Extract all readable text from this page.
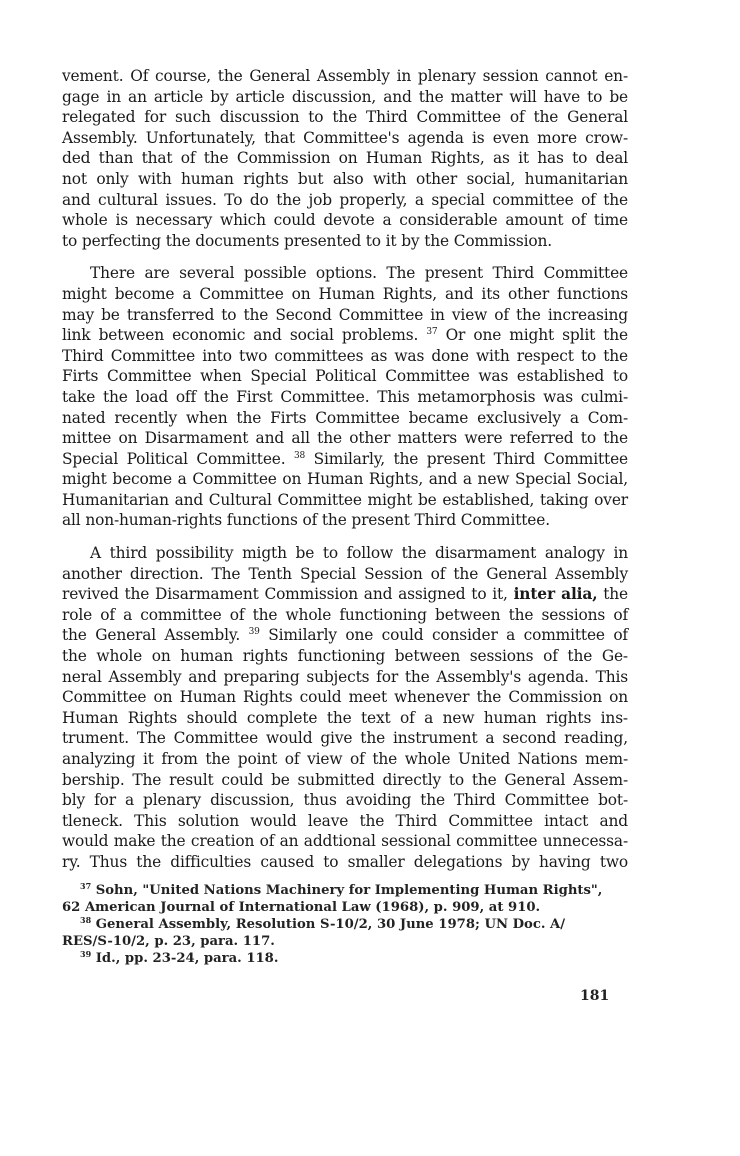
vement. Of course, the General Assembly in plenary session cannot en-
gage in an article by article discussion, and the matter will have to be
relegated for such discussion to the Third Committee of the General
Assembly. Unfortunately, that Committee's agenda is even more crow-
ded than that of the Commission on Human Rights, as it has to deal
not only with human rights but also with other social, humanitarian
and cultural issues. To do the job properly, a special committee of the
whole is necessary which could devote a considerable amount of time
to perfecting the documents presented to it by the Commission.

There are several possible options. The present Third Committee
might become a Committee on Human Rights, and its other functions
may be transferred to the Second Committee in view of the increasing
link between economic and social problems. $^{37}$ Or one might split the
Third Committee into two committees as was done with respect to the
Firts Committee when Special Political Committee was established to
take the load off the First Committee. This metamorphosis was culmi-
nated recently when the Firts Committee became exclusively a Com-
mittee on Disarmament and all the other matters were referred to the
Special Political Committee. $^{38}$ Similarly, the present Third Committee
might become a Committee on Human Rights, and a new Special Social,
Humanitarian and Cultural Committee might be established, taking over
all non-human-rights functions of the present Third Committee.

A third possibility migth be to follow the disarmament analogy in
another direction. The Tenth Special Session of the General Assembly
revived the Disarmament Commission and assigned to it, inter alia, the
role of a committee of the whole functioning between the sessions of
the General Assembly. $^{39}$ Similarly one could consider a committee of
the whole on human rights functioning between sessions of the Ge-
neral Assembly and preparing subjects for the Assembly's agenda. This
Committee on Human Rights could meet whenever the Commission on
Human Rights should complete the text of a new human rights ins-
trument. The Committee would give the instrument a second reading,
analyzing it from the point of view of the whole United Nations mem-
bership. The result could be submitted directly to the General Assem-
bly for a plenary discussion, thus avoiding the Third Committee bot-
tleneck. This solution would leave the Third Committee intact and
would make the creation of an addtional sessional committee unnecessa-
ry. Thus the difficulties caused to smaller delegations by having two

$^{37}$ Sohn, "United Nations Machinery for Implementing Human Rights",
62 American Journal of International Law (1968), p. 909, at 910.
$^{38}$ General Assembly, Resolution S-10/2, 30 June 1978; UN Doc. A/
RES/S-10/2, p. 23, para. 117.
$^{39}$ Id., pp. 23-24, para. 118.
181
